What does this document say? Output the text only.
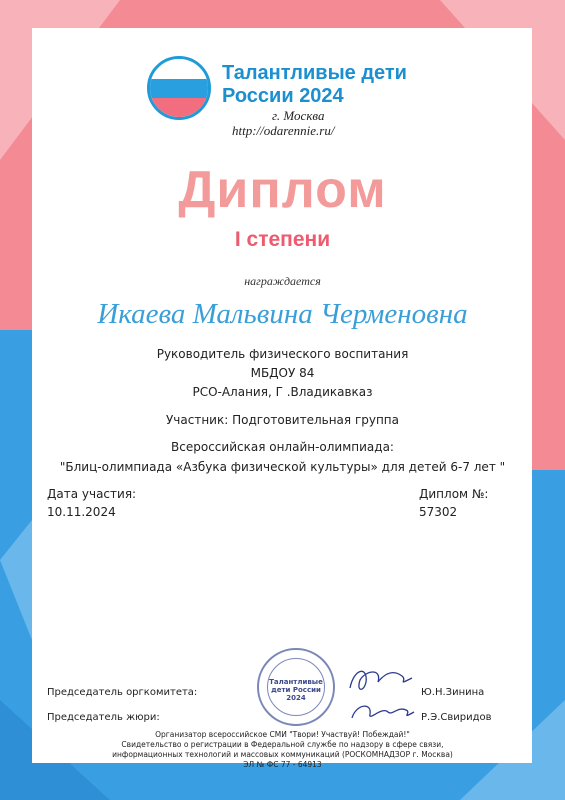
Талантливые дети
России 2024
г. Москва
http://odarennie.ru/
Диплом
I степени
награждается
Икаева Мальвина Черменовна
Руководитель физического воспитания
МБДОУ 84
РСО-Алания, Г .Владикавказ
Участник: Подготовительная группа
Всероссийская онлайн-олимпиада:
"Блиц-олимпиада «Азбука физической культуры» для детей 6-7 лет "
Дата участия:
10.11.2024
Диплом №:
57302
Талантливые
дети России
2024
Председатель оргкомитета:	Ю.Н.Зинина
Председатель жюри:	Р.Э.Свиридов
Организатор всероссийское СМИ "Твори! Участвуй! Побеждай!"
Свидетельство о регистрации в Федеральной службе по надзору в сфере связи,
информационных технологий и массовых коммуникаций (РОСКОМНАДЗОР г. Москва)
ЭЛ № ФС 77 - 64913
